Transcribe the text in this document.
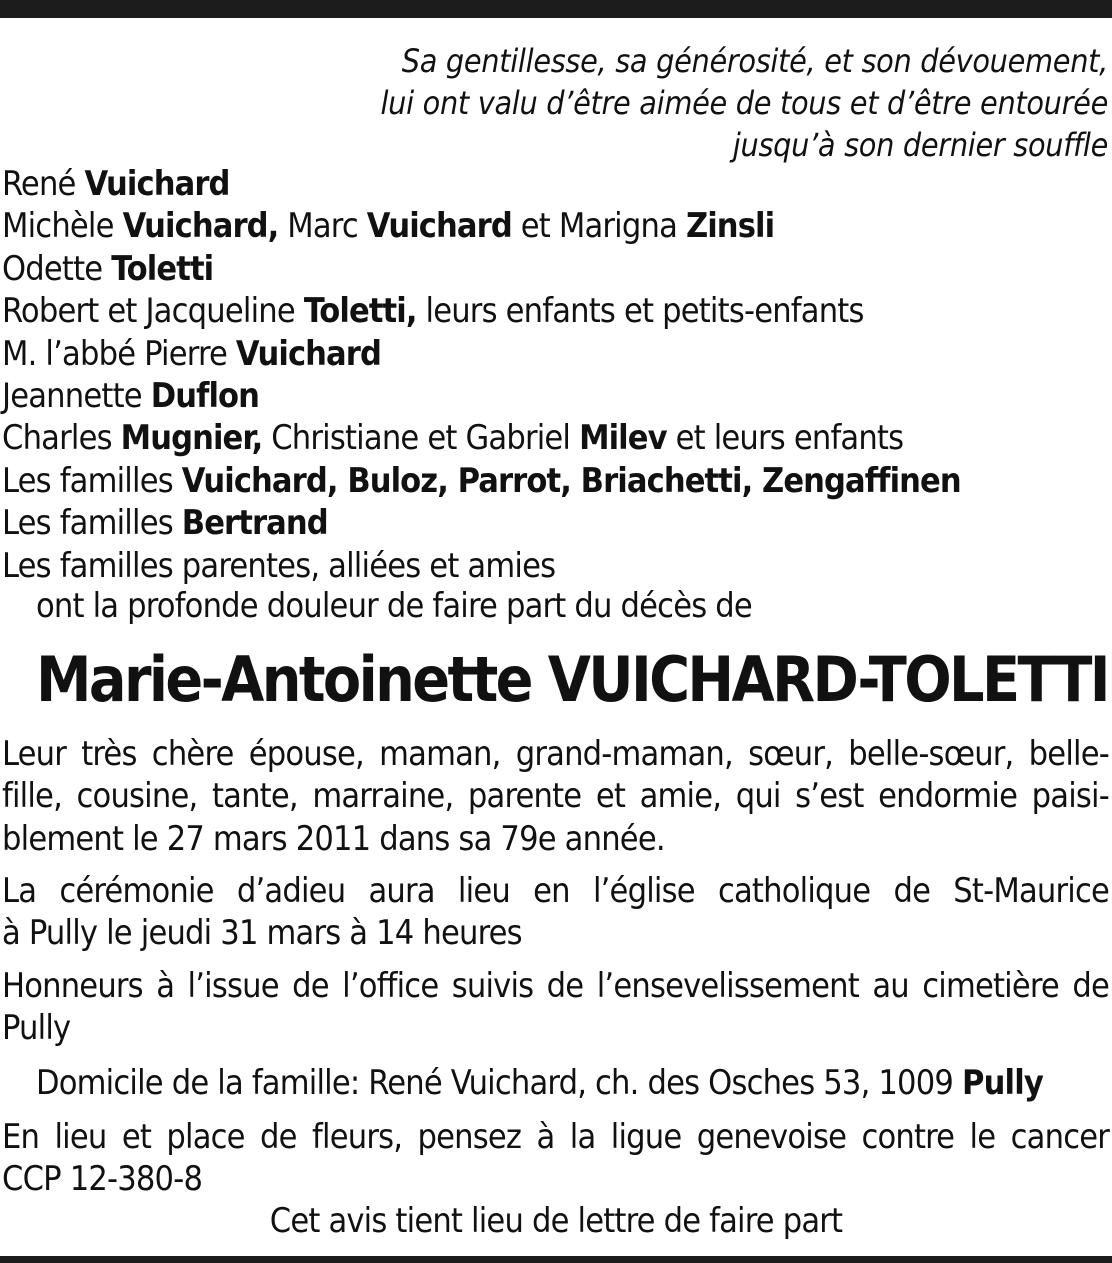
Sa gentillesse, sa générosité, et son dévouement,
lui ont valu d’être aimée de tous et d’être entourée
jusqu’à son dernier souffle
René Vuichard
Michèle Vuichard, Marc Vuichard et Marigna Zinsli
Odette Toletti
Robert et Jacqueline Toletti, leurs enfants et petits-enfants
M. l’abbé Pierre Vuichard
Jeannette Duflon
Charles Mugnier, Christiane et Gabriel Milev et leurs enfants
Les familles Vuichard, Buloz, Parrot, Briachetti, Zengaffinen
Les familles Bertrand
Les familles parentes, alliées et amies
ont la profonde douleur de faire part du décès de
Marie-Antoinette VUICHARD-TOLETTI
Leur très chère épouse, maman, grand-maman, sœur, belle-sœur, belle-
fille, cousine, tante, marraine, parente et amie, qui s’est endormie paisi-
blement le 27 mars 2011 dans sa 79e année.
La cérémonie d’adieu aura lieu en l’église catholique de St-Maurice
à Pully le jeudi 31 mars à 14 heures
Honneurs à l’issue de l’office suivis de l’ensevelissement au cimetière de
Pully
Domicile de la famille: René Vuichard, ch. des Osches 53, 1009 Pully
En lieu et place de fleurs, pensez à la ligue genevoise contre le cancer
CCP 12-380-8
Cet avis tient lieu de lettre de faire part
